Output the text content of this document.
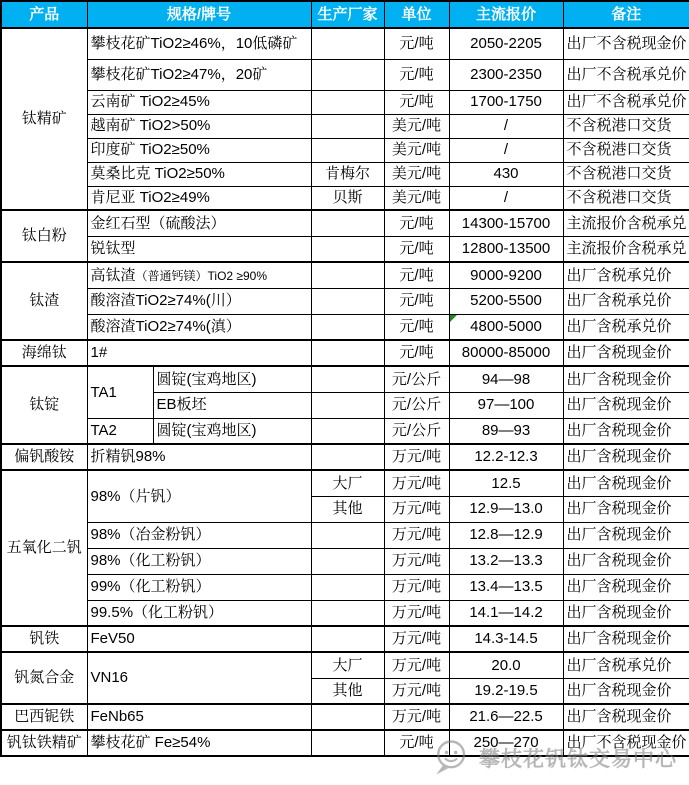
产品	规格/牌号		生产厂家	单位	主流报价	备注
钛精矿	攀枝花矿TiO2≥46%，10低磷矿			元/吨	2050-2205	出厂不含税现金价
	攀枝花矿TiO2≥47%，20矿			元/吨	2300-2350	出厂不含税承兑价
	云南矿 TiO2≥45%			元/吨	1700-1750	出厂不含税承兑价
	越南矿 TiO2>50%			美元/吨	/	不含税港口交货
	印度矿 TiO2≥50%			美元/吨	/	不含税港口交货
	莫桑比克 TiO2≥50%		肯梅尔	美元/吨	430	不含税港口交货
	肯尼亚 TiO2≥49%		贝斯	美元/吨	/	不含税港口交货
钛白粉	金红石型（硫酸法）			元/吨	14300-15700	主流报价含税承兑
	锐钛型			元/吨	12800-13500	主流报价含税承兑
钛渣	高钛渣（普通钙镁）TiO2 ≥90%			元/吨	9000-9200	出厂含税承兑价
	酸溶渣TiO2≥74%(川）			元/吨	5200-5500	出厂含税承兑价
	酸溶渣TiO2≥74%(滇）			元/吨	4800-5000	出厂含税承兑价
海绵钛	1#			元/吨	80000-85000	出厂含税现金价
钛锭	TA1	圆锭(宝鸡地区)		元/公斤	94—98	出厂含税现金价
		EB板坯		元/公斤	97—100	出厂含税现金价
	TA2	圆锭(宝鸡地区)		元/公斤	89—93	出厂含税现金价
偏钒酸铵	折精钒98%			万元/吨	12.2-12.3	出厂含税现金价
五氧化二钒	98%（片钒）		大厂	万元/吨	12.5	出厂含税现金价
			其他	万元/吨	12.9—13.0	出厂含税现金价
	98%（冶金粉钒）			万元/吨	12.8—12.9	出厂含税现金价
	98%（化工粉钒）			万元/吨	13.2—13.3	出厂含税现金价
	99%（化工粉钒）			万元/吨	13.4—13.5	出厂含税现金价
	99.5%（化工粉钒）			万元/吨	14.1—14.2	出厂含税现金价
钒铁	FeV50			万元/吨	14.3-14.5	出厂含税现金价
钒氮合金	VN16		大厂	万元/吨	20.0	出厂含税承兑价
			其他	万元/吨	19.2-19.5	出厂含税现金价
巴西铌铁	FeNb65			万元/吨	21.6—22.5	出厂含税现金价
钒钛铁精矿	攀枝花矿 Fe≥54%			元/吨	250—270	出厂不含税现金价
攀枝花钒钛交易中心
